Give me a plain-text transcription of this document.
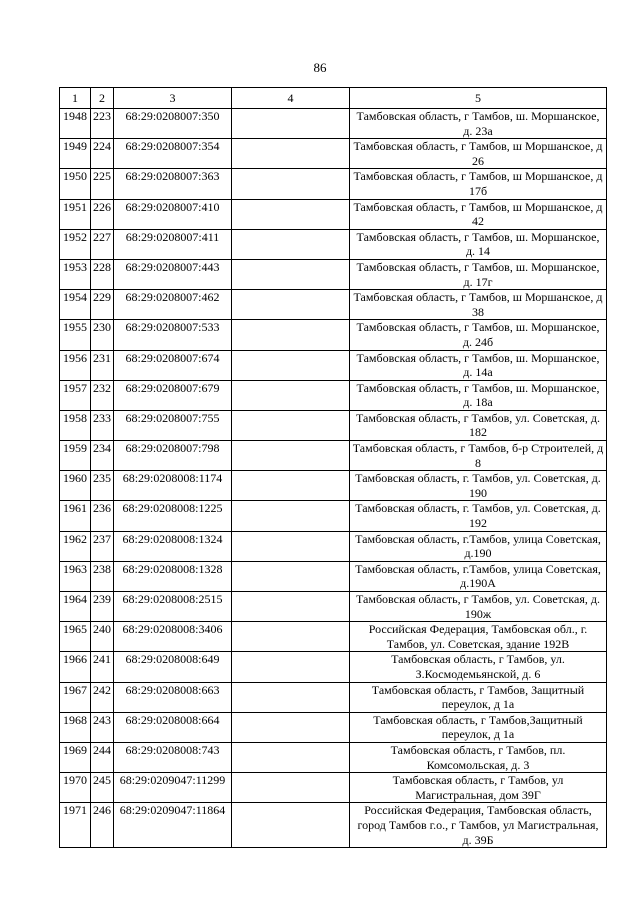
86
1	2	3	4	5
1948	223	68:29:0208007:350		Тамбовская область, г Тамбов, ш. Моршанское, д. 23а
1949	224	68:29:0208007:354		Тамбовская область, г Тамбов, ш Моршанское, д 26
1950	225	68:29:0208007:363		Тамбовская область, г Тамбов, ш Моршанское, д 17б
1951	226	68:29:0208007:410		Тамбовская область, г Тамбов, ш Моршанское, д 42
1952	227	68:29:0208007:411		Тамбовская область, г Тамбов, ш. Моршанское, д. 14
1953	228	68:29:0208007:443		Тамбовская область, г Тамбов, ш. Моршанское, д. 17г
1954	229	68:29:0208007:462		Тамбовская область, г Тамбов, ш Моршанское, д 38
1955	230	68:29:0208007:533		Тамбовская область, г Тамбов, ш. Моршанское, д. 24б
1956	231	68:29:0208007:674		Тамбовская область, г Тамбов, ш. Моршанское, д. 14а
1957	232	68:29:0208007:679		Тамбовская область, г Тамбов, ш. Моршанское, д. 18а
1958	233	68:29:0208007:755		Тамбовская область, г Тамбов, ул. Советская, д. 182
1959	234	68:29:0208007:798		Тамбовская область, г Тамбов, б-р Строителей, д 8
1960	235	68:29:0208008:1174		Тамбовская область, г. Тамбов, ул. Советская, д. 190
1961	236	68:29:0208008:1225		Тамбовская область, г. Тамбов, ул. Советская, д. 192
1962	237	68:29:0208008:1324		Тамбовская область, г.Тамбов, улица Советская, д.190
1963	238	68:29:0208008:1328		Тамбовская область, г.Тамбов, улица Советская, д.190А
1964	239	68:29:0208008:2515		Тамбовская область, г Тамбов, ул. Советская, д. 190ж
1965	240	68:29:0208008:3406		Российская Федерация, Тамбовская обл., г. Тамбов, ул. Советская, здание 192В
1966	241	68:29:0208008:649		Тамбовская область, г Тамбов, ул. З.Космодемьянской, д. 6
1967	242	68:29:0208008:663		Тамбовская область, г Тамбов, Защитный переулок, д 1а
1968	243	68:29:0208008:664		Тамбовская область, г Тамбов,Защитный переулок, д 1а
1969	244	68:29:0208008:743		Тамбовская область, г Тамбов, пл. Комсомольская, д. 3
1970	245	68:29:0209047:11299		Тамбовская область, г Тамбов, ул Магистральная, дом 39Г
1971	246	68:29:0209047:11864		Российская Федерация, Тамбовская область, город Тамбов г.о., г Тамбов, ул Магистральная, д. 39Б
